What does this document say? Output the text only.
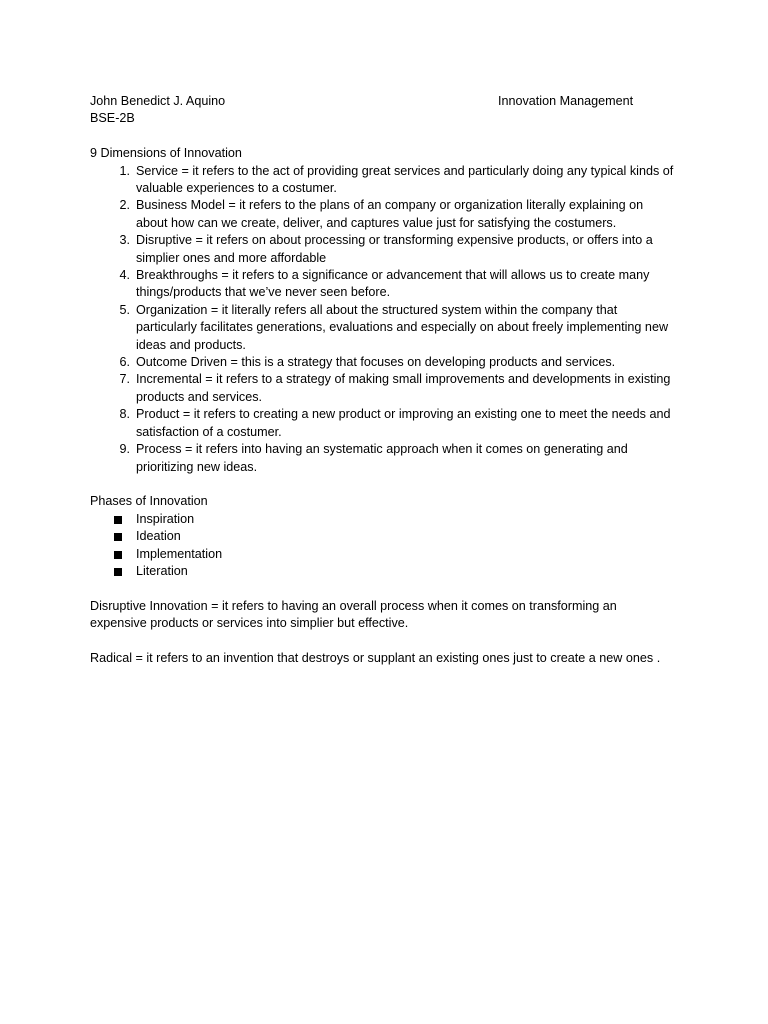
John Benedict J. Aquino	Innovation Management
BSE-2B
9 Dimensions of Innovation
1. Service = it refers to the act of providing great services and particularly doing any typical kinds of
valuable experiences to a costumer.
2. Business Model = it refers to the plans of an company or organization literally explaining on
about how can we create, deliver, and captures value just for satisfying the costumers.
3. Disruptive = it refers on about processing or transforming expensive products, or offers into a
simplier ones and more affordable
4. Breakthroughs = it refers to a significance or advancement that will allows us to create many
things/products that we’ve never seen before.
5. Organization = it literally refers all about the structured system within the company that
particularly facilitates generations, evaluations and especially on about freely implementing new
ideas and products.
6. Outcome Driven = this is a strategy that focuses on developing products and services.
7. Incremental = it refers to a strategy of making small improvements and developments in existing
products and services.
8. Product = it refers to creating a new product or improving an existing one to meet the needs and
satisfaction of a costumer.
9. Process = it refers into having an systematic approach when it comes on generating and
prioritizing new ideas.
Phases of Innovation
Inspiration
Ideation
Implementation
Literation
Disruptive Innovation = it refers to having an overall process when it comes on transforming an
expensive products or services into simplier but effective.
Radical = it refers to an invention that destroys or supplant an existing ones just to create a new ones .
